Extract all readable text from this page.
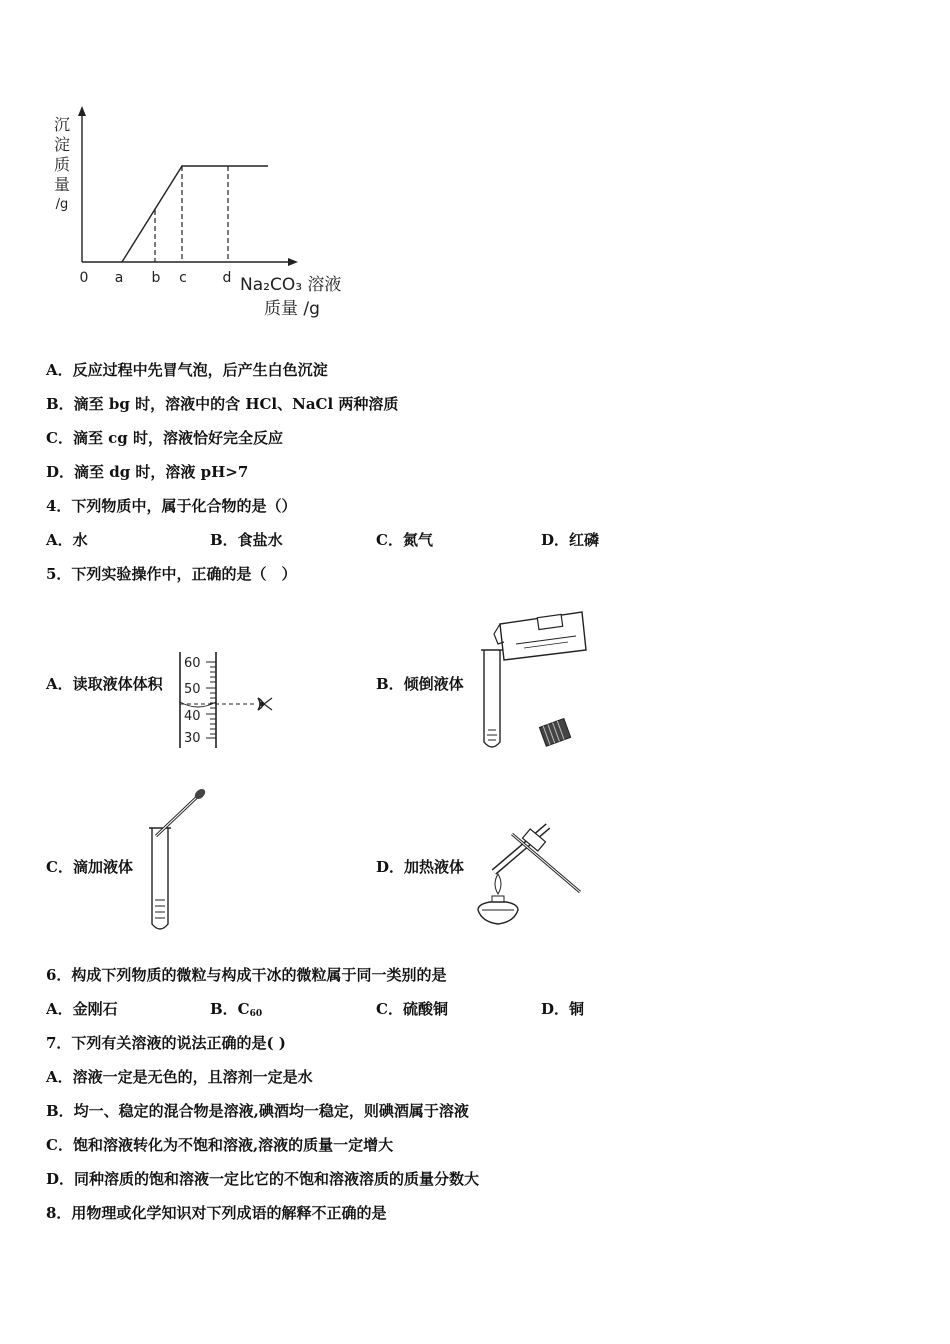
沉
淀
质
量
/g
0 a b c	d Na₂CO₃ 溶液
质量 /g
A．反应过程中先冒气泡，后产生白色沉淀
B．滴至 bg 时，溶液中的含 HCl、NaCl 两种溶质
C．滴至 cg 时，溶液恰好完全反应
D．滴至 dg 时，溶液 pH>7
4．下列物质中，属于化合物的是（）
A．水	B．食盐水	C．氮气	D．红磷
5．下列实验操作中，正确的是（　）
A．读取液体体积
60
50
40
30
B．倾倒液体
C．滴加液体	D．加热液体
6．构成下列物质的微粒与构成干冰的微粒属于同一类别的是
A．金刚石	B．$C_{60}$	C．硫酸铜	D．铜
7．下列有关溶液的说法正确的是( )
A．溶液一定是无色的，且溶剂一定是水
B．均一、稳定的混合物是溶液,碘酒均一稳定，则碘酒属于溶液
C．饱和溶液转化为不饱和溶液,溶液的质量一定增大
D．同种溶质的饱和溶液一定比它的不饱和溶液溶质的质量分数大
8．用物理或化学知识对下列成语的解释不正确的是
